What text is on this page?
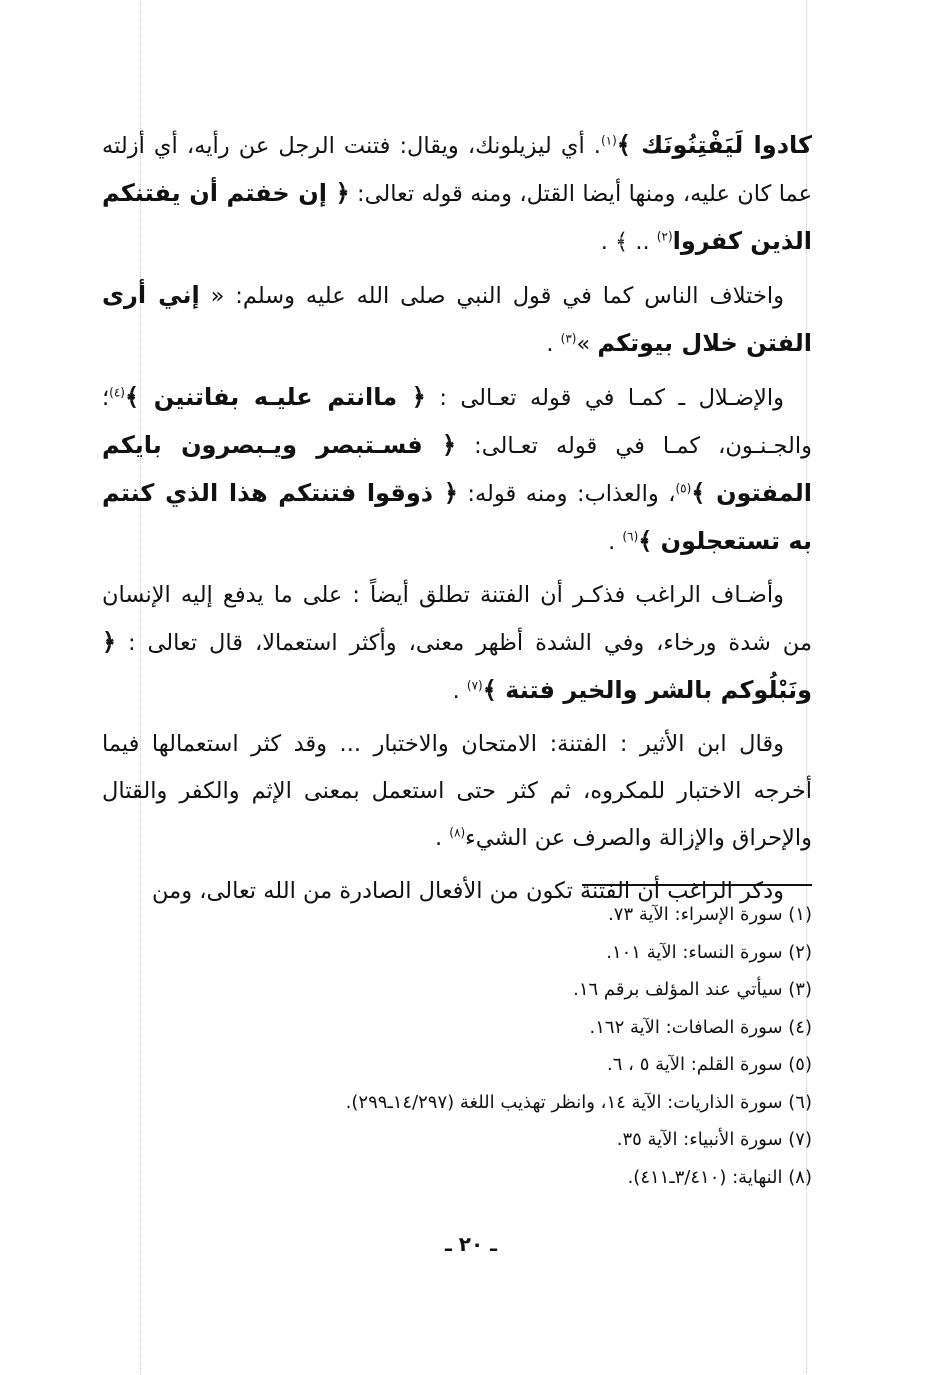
كادوا لَيَفْتِنُونَك ﴾$^{(١)}$. أي ليزيلونك، ويقال: فتنت الرجل عن رأيه، أي أزلته عما كان عليه، ومنها أيضا القتل، ومنه قوله تعالى: ﴿ إن خفتم أن يفتنكم الذين كفروا$^{(٢)}$ .. ﴾ .

واختلاف الناس كما في قول النبي صلى الله عليه وسلم: « إني أرى الفتن خلال بيوتكم »$^{(٣)}$ .

والإضـلال ـ كمـا في قوله تعـالى : ﴿ ماانتم عليـه بفاتنين ﴾$^{(٤)}$؛ والجـنـون، كمـا في قوله تعـالى: ﴿ فسـتبصر ويـبصرون بايكم المفتون ﴾$^{(٥)}$، والعذاب: ومنه قوله: ﴿ ذوقوا فتنتكم هذا الذي كنتم به تستعجلون ﴾$^{(٦)}$ .

وأضـاف الراغب فذكـر أن الفتنة تطلق أيضاً : على ما يدفع إليه الإنسان من شدة ورخاء، وفي الشدة أظهر معنى، وأكثر استعمالا، قال تعالى : ﴿ ونَبْلُوكم بالشر والخير فتنة ﴾$^{(٧)}$ .

وقال ابن الأثير : الفتنة: الامتحان والاختبار ... وقد كثر استعمالها فيما أخرجه الاختبار للمكروه، ثم كثر حتى استعمل بمعنى الإثم والكفر والقتال والإحراق والإزالة والصرف عن الشيء$^{(٨)}$ .

وذكر الراغب أن الفتنة تكون من الأفعال الصادرة من الله تعالى، ومن

(١) سورة الإسراء: الآية ٧٣.
(٢) سورة النساء: الآية ١٠١.
(٣) سيأتي عند المؤلف برقم ١٦.
(٤) سورة الصافات: الآية ١٦٢.
(٥) سورة القلم: الآية ٥ ، ٦.
(٦) سورة الذاريات: الآية ١٤، وانظر تهذيب اللغة (١٤/٢٩٧ـ٢٩٩).
(٧) سورة الأنبياء: الآية ٣٥.
(٨) النهاية: (٣/٤١٠ـ٤١١).
ـ ٢٠ ـ
